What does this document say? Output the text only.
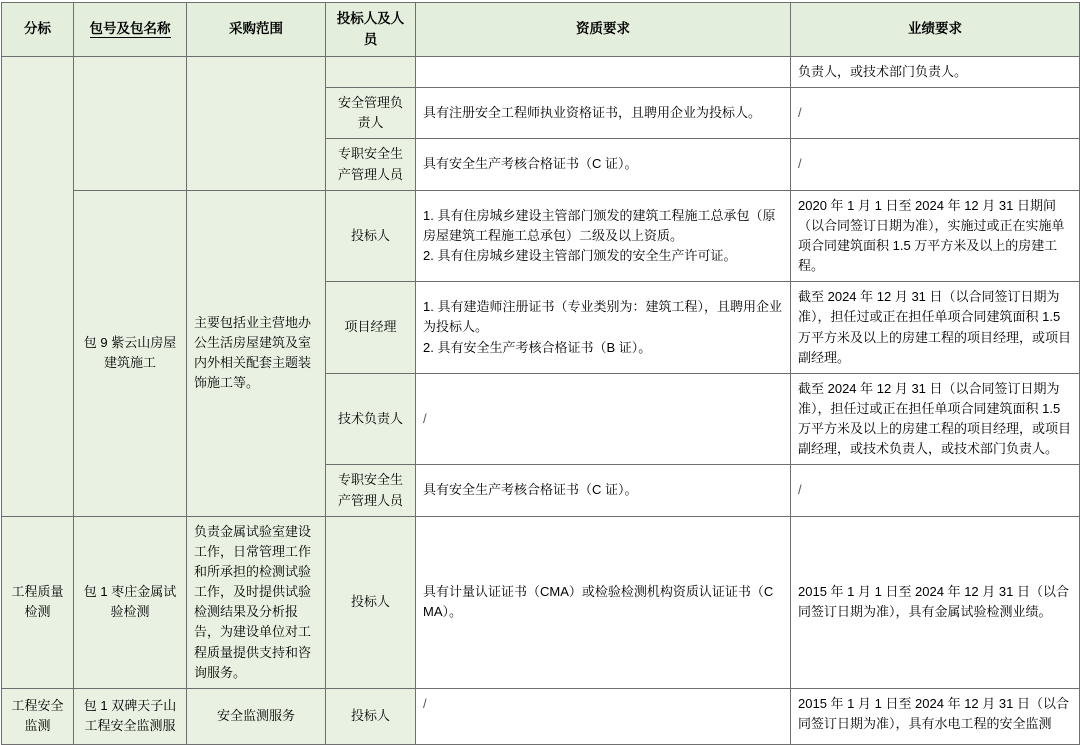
分标	包号及包名称	采购范围	投标人及人员	资质要求	业绩要求
					负责人，或技术部门负责人。
			安全管理负责人	具有注册安全工程师执业资格证书，且聘用企业为投标人。	/
			专职安全生产管理人员	具有安全生产考核合格证书（C 证）。	/
	包 9 紫云山房屋建筑施工	主要包括业主营地办公生活房屋建筑及室内外相关配套主题装饰施工等。	投标人	1. 具有住房城乡建设主管部门颁发的建筑工程施工总承包（原房屋建筑工程施工总承包）二级及以上资质。
2. 具有住房城乡建设主管部门颁发的安全生产许可证。	2020 年 1 月 1 日至 2024 年 12 月 31 日期间（以合同签订日期为准），实施过或正在实施单项合同建筑面积 1.5 万平方米及以上的房建工程。
			项目经理	1. 具有建造师注册证书（专业类别为：建筑工程），且聘用企业为投标人。
2. 具有安全生产考核合格证书（B 证）。	截至 2024 年 12 月 31 日（以合同签订日期为准），担任过或正在担任单项合同建筑面积 1.5 万平方米及以上的房建工程的项目经理，或项目副经理。
			技术负责人	/	截至 2024 年 12 月 31 日（以合同签订日期为准），担任过或正在担任单项合同建筑面积 1.5 万平方米及以上的房建工程的项目经理，或项目副经理，或技术负责人，或技术部门负责人。
			专职安全生产管理人员	具有安全生产考核合格证书（C 证）。	/
工程质量检测	包 1 枣庄金属试验检测	负责金属试验室建设工作，日常管理工作和所承担的检测试验工作，及时提供试验检测结果及分析报告，为建设单位对工程质量提供支持和咨询服务。	投标人	具有计量认证证书（CMA）或检验检测机构资质认证证书（CMA）。	2015 年 1 月 1 日至 2024 年 12 月 31 日（以合同签订日期为准），具有金属试验检测业绩。
工程安全监测	包 1 双碑天子山工程安全监测服	安全监测服务	投标人	/	2015 年 1 月 1 日至 2024 年 12 月 31 日（以合同签订日期为准），具有水电工程的安全监测
